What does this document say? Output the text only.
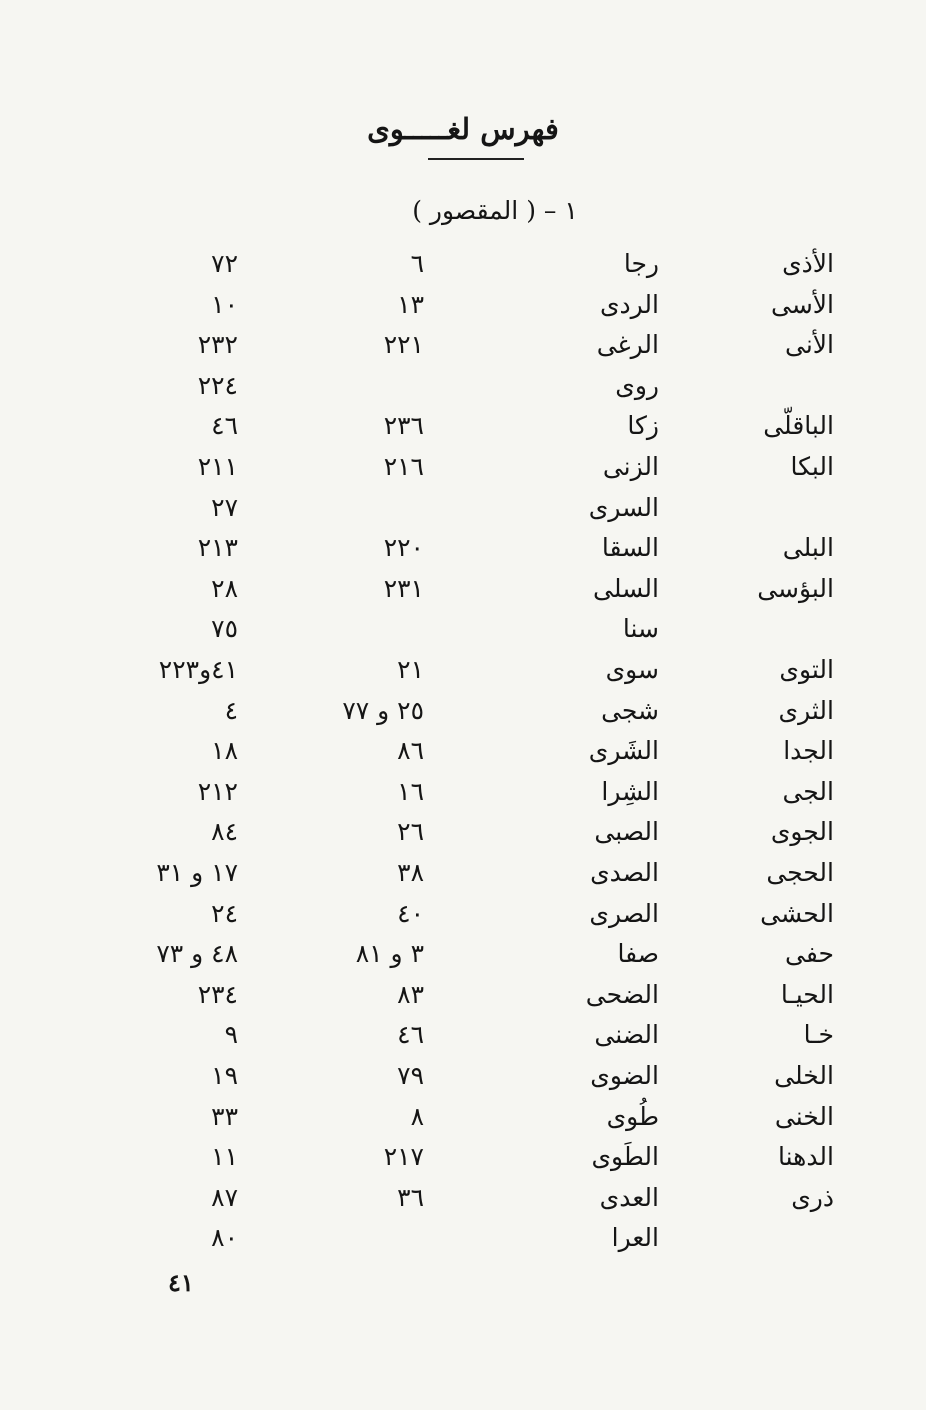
فهرس لغـــــوى
١ – ( المقصور )
الأذى
٦
الأسى
١٣
الأنى
٢٢١
الباقلّى
٢٣٦
البكا
٢١٦
البلى
٢٢٠
البؤسى
٢٣١
التوى
٢١
الثرى
٢٥ و ٧٧
الجدا
٨٦
الجى
١٦
الجوى
٢٦
الحجى
٣٨
الحشى
٤٠
حفى
٣ و ٨١
الحيـا
٨٣
خـا
٤٦
الخلى
٧٩
الخنى
٨
الدهنا
٢١٧
ذرى
٣٦
رجا
٧٢
الردى
١٠
الرغى
٢٣٢
روى
٢٢٤
زكا
٤٦
الزنى
٢١١
السرى
٢٧
السقا
٢١٣
السلى
٢٨
سنا
٧٥
سوى
٤١و٢٢٣
شجى
٤
الشَرى
١٨
الشِرا
٢١٢
الصبى
٨٤
الصدى
١٧ و ٣١
الصرى
٢٤
صفا
٤٨ و ٧٣
الضحى
٢٣٤
الضنى
٩
الضوى
١٩
طُوى
٣٣
الطَوى
١١
العدى
٨٧
العرا
٨٠
٤١
